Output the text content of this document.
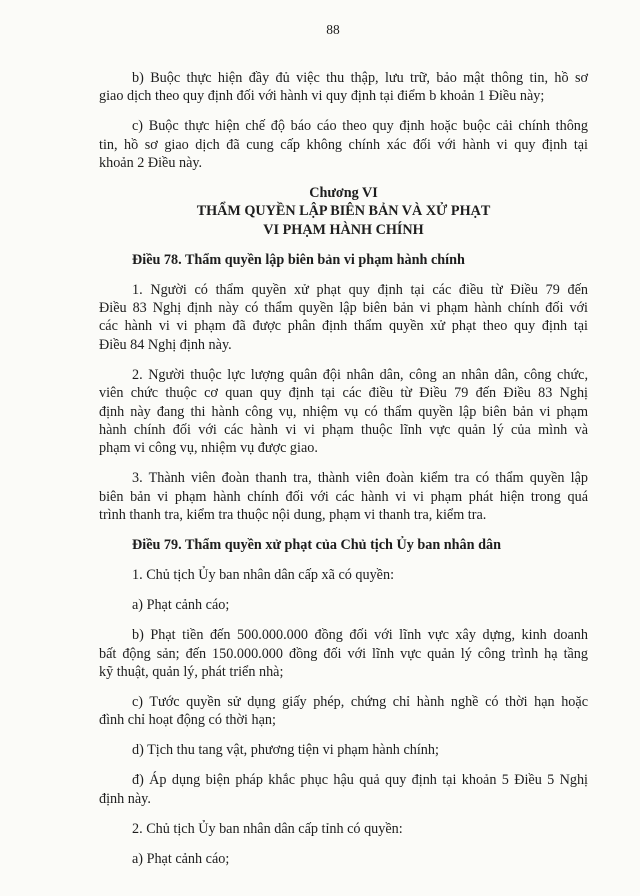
88
b) Buộc thực hiện đầy đủ việc thu thập, lưu trữ, bảo mật thông tin, hồ sơ
giao dịch theo quy định đối với hành vi quy định tại điểm b khoản 1 Điều này;
c) Buộc thực hiện chế độ báo cáo theo quy định hoặc buộc cải chính thông
tin, hồ sơ giao dịch đã cung cấp không chính xác đối với hành vi quy định tại
khoản 2 Điều này.
Chương VI
THẨM QUYỀN LẬP BIÊN BẢN VÀ XỬ PHẠT
VI PHẠM HÀNH CHÍNH
Điều 78. Thẩm quyền lập biên bản vi phạm hành chính
1. Người có thẩm quyền xử phạt quy định tại các điều từ Điều 79 đến
Điều 83 Nghị định này có thẩm quyền lập biên bản vi phạm hành chính đối với
các hành vi vi phạm đã được phân định thẩm quyền xử phạt theo quy định tại
Điều 84 Nghị định này.
2. Người thuộc lực lượng quân đội nhân dân, công an nhân dân, công chức,
viên chức thuộc cơ quan quy định tại các điều từ Điều 79 đến Điều 83 Nghị
định này đang thi hành công vụ, nhiệm vụ có thẩm quyền lập biên bản vi phạm
hành chính đối với các hành vi vi phạm thuộc lĩnh vực quản lý của mình và
phạm vi công vụ, nhiệm vụ được giao.
3. Thành viên đoàn thanh tra, thành viên đoàn kiểm tra có thẩm quyền lập
biên bản vi phạm hành chính đối với các hành vi vi phạm phát hiện trong quá
trình thanh tra, kiểm tra thuộc nội dung, phạm vi thanh tra, kiểm tra.
Điều 79. Thẩm quyền xử phạt của Chủ tịch Ủy ban nhân dân
1. Chủ tịch Ủy ban nhân dân cấp xã có quyền:
a) Phạt cảnh cáo;
b) Phạt tiền đến 500.000.000 đồng đối với lĩnh vực xây dựng, kinh doanh
bất động sản; đến 150.000.000 đồng đối với lĩnh vực quản lý công trình hạ tầng
kỹ thuật, quản lý, phát triển nhà;
c) Tước quyền sử dụng giấy phép, chứng chỉ hành nghề có thời hạn hoặc
đình chỉ hoạt động có thời hạn;
d) Tịch thu tang vật, phương tiện vi phạm hành chính;
đ) Áp dụng biện pháp khắc phục hậu quả quy định tại khoản 5 Điều 5 Nghị
định này.
2. Chủ tịch Ủy ban nhân dân cấp tỉnh có quyền:
a) Phạt cảnh cáo;
